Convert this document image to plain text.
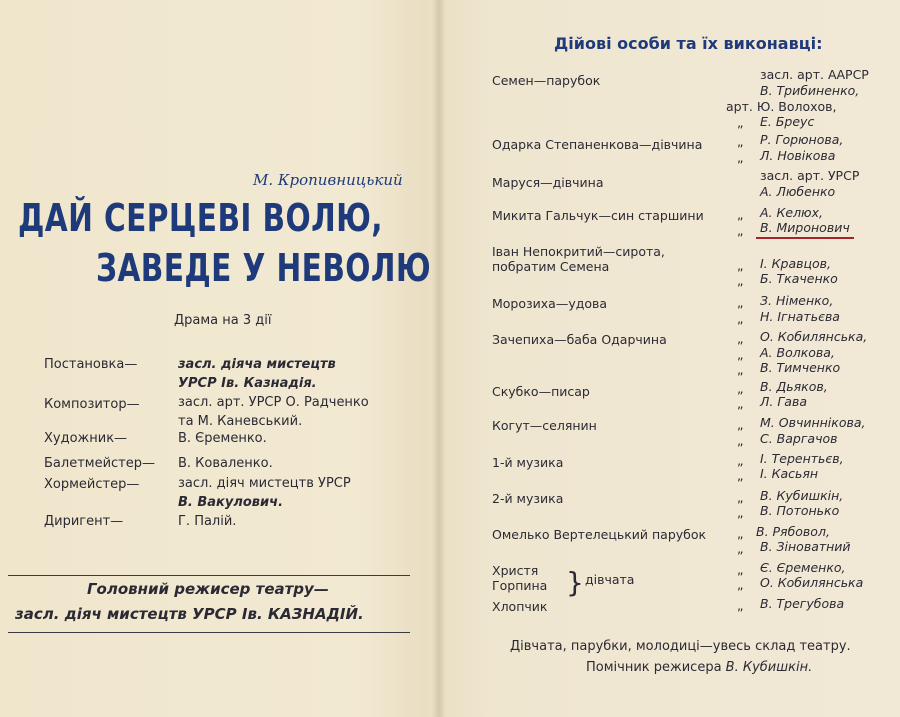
М. Кропивницький
ДАЙ СЕРЦЕВІ ВОЛЮ,
ЗАВЕДЕ У НЕВОЛЮ
Драма на 3 дії
Постановка—	засл. діяча мистецтв
УРСР Ів. Казнадія.
Композитор—	засл. арт. УРСР О. Радченко
та М. Каневський.
Художник—	В. Єременко.
Балетмейстер— В. Коваленко.
Хормейстер—	засл. діяч мистецтв УРСР
В. Вакулович.
Диригент—	Г. Палій.
Головний режисер театру—
засл. діяч мистецтв УРСР Ів. КАЗНАДІЙ.
Дійові особи та їх виконавці:
Семен—парубок	засл. арт. ААРСР
В. Трибиненко,
арт. Ю. Волохов,
„ Е. Бреус
Одарка Степаненкова—дівчина	„ Р. Горюнова,
„ Л. Новікова
Маруся—дівчина	засл. арт. УРСР
А. Любенко
Микита Гальчук—син старшини	„ А. Келюх,
„	В. Миронович
Іван Непокритий—сирота,
побратим Семена	„ І. Кравцов,
„ Б. Ткаченко
Морозиха—удова	„ З. Німенко,
„ Н. Ігнатьєва
Зачепиха—баба Одарчина	„ О. Кобилянська,
„ А. Волкова,
„ В. Тимченко
Скубко—писар	„ В. Дьяков,
„ Л. Гава
Когут—селянин	„ М. Овчиннікова,
„ С. Варгачов
1-й музика	„ І. Терентьєв,
„ І. Касьян
2-й музика	„ В. Кубишкін,
„ В. Потонько
Омелько Вертелецький парубок „ В. Рябовол,
„ В. Зіноватний
Христя
Горпина } дівчата
„ Є. Єременко,
„ О. Кобилянська
Хлопчик	„ В. Трегубова
Дівчата, парубки, молодиці—увесь склад театру.
Помічник режисера В. Кубишкін.
